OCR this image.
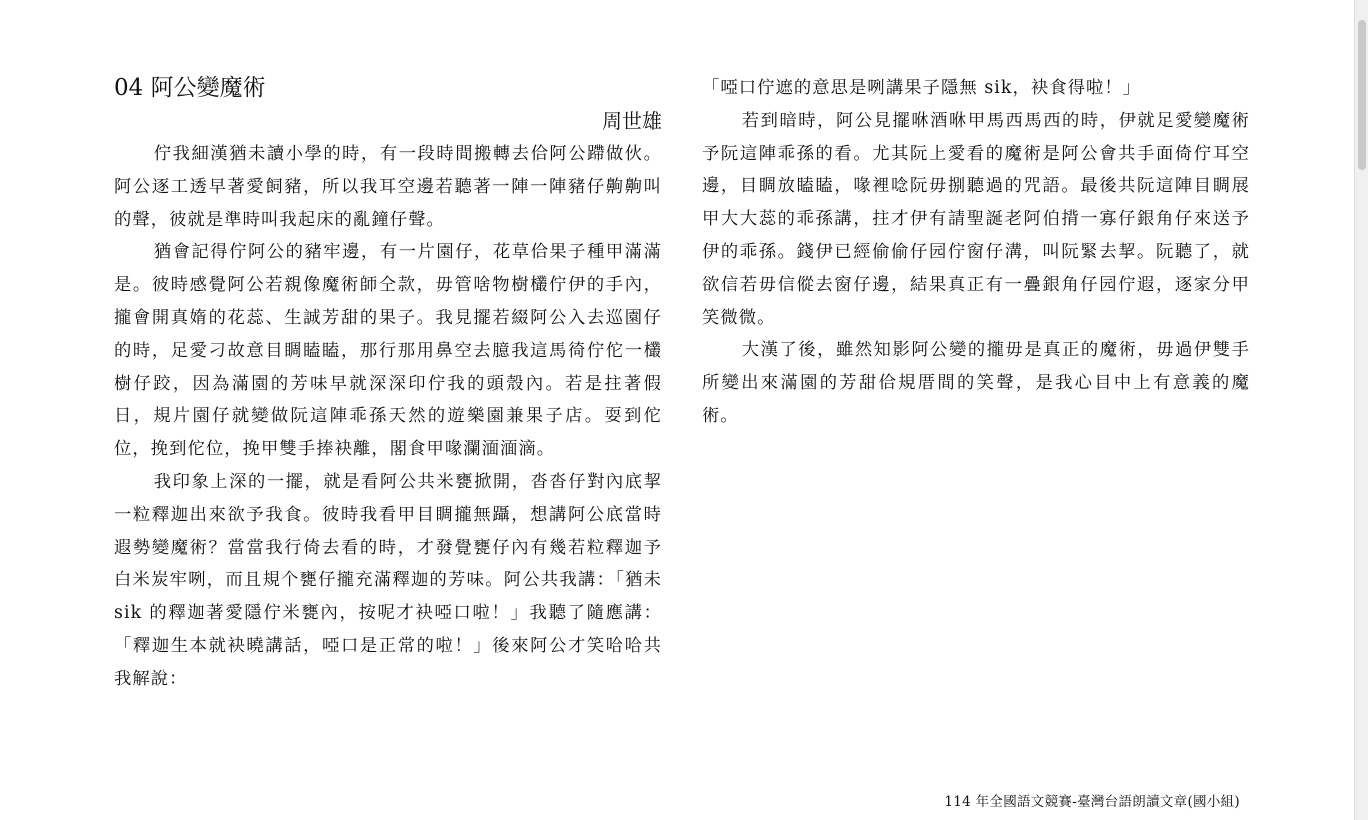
04 阿公變魔術

周世雄

佇我細漢猶未讀小學的時，有一段時間搬轉去佮阿公蹛做伙。阿公逐工透早著愛飼豬，所以我耳空邊若聽著一陣一陣豬仔齁齁叫的聲，彼就是準時叫我起床的亂鐘仔聲。

猶會記得佇阿公的豬牢邊，有一片園仔，花草佮果子種甲滿滿是。彼時感覺阿公若親像魔術師仝款，毋管啥物樹欉佇伊的手內，攏會開真媠的花蕊、生誠芳甜的果子。我見擺若綴阿公入去巡園仔的時，足愛刁故意目睭瞌瞌，那行那用鼻空去臆我這馬徛佇佗一欉樹仔跤，因為滿園的芳味早就深深印佇我的頭殼內。若是拄著假日，規片園仔就變做阮這陣乖孫天然的遊樂園兼果子店。耍到佗位，挽到佗位，挽甲雙手捧袂離，閣食甲喙瀾湎湎滴。

我印象上深的一擺，就是看阿公共米甕掀開，沓沓仔對內底挈一粒釋迦出來欲予我食。彼時我看甲目睭攏無躡，想講阿公底當時遐勢變魔術？當當我行倚去看的時，才發覺甕仔內有幾若粒釋迦予白米炭牢咧，而且規个甕仔攏充滿釋迦的芳味。阿公共我講：「猶未 sik 的釋迦著愛隱佇米甕內，按呢才袂啞口啦！」我聽了隨應講：「釋迦生本就袂曉講話，啞口是正常的啦！」後來阿公才笑哈哈共我解說：

「啞口佇遮的意思是咧講果子隱無 sik，袂食得啦！」

若到暗時，阿公見擺咻酒咻甲馬西馬西的時，伊就足愛變魔術予阮這陣乖孫的看。尤其阮上愛看的魔術是阿公會共手面倚佇耳空邊，目睭放瞌瞌，喙裡唸阮毋捌聽過的咒語。最後共阮這陣目睭展甲大大蕊的乖孫講，拄才伊有請聖誕老阿伯揹一寡仔銀角仔來送予伊的乖孫。錢伊已經偷偷仔园佇窗仔溝，叫阮緊去挈。阮聽了，就欲信若毋信傱去窗仔邊，結果真正有一疊銀角仔园佇遐，逐家分甲笑微微。

大漢了後，雖然知影阿公變的攏毋是真正的魔術，毋過伊雙手所變出來滿園的芳甜佮規厝間的笑聲，是我心目中上有意義的魔術。

114 年全國語文競賽-臺灣台語朗讀文章(國小組)
